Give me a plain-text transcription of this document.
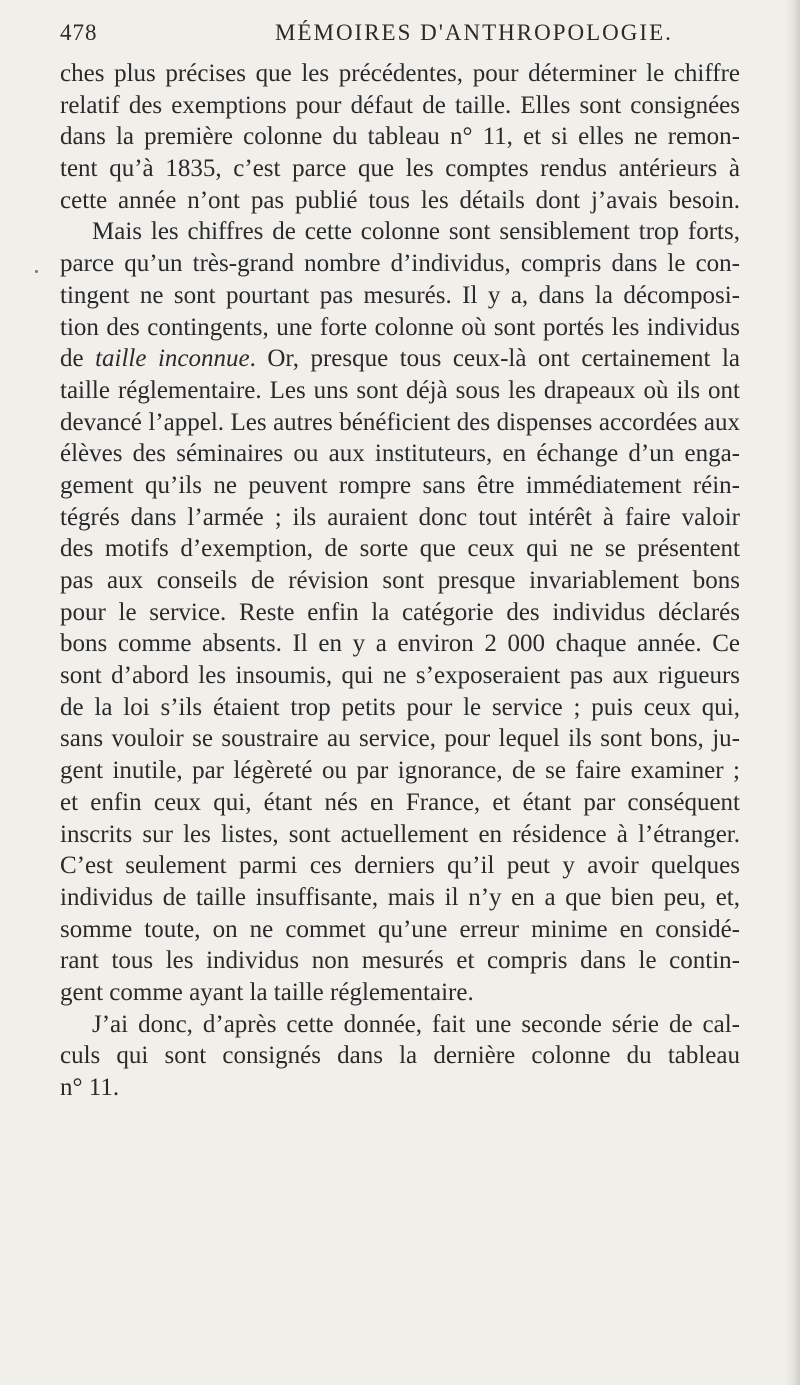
478	MÉMOIRES D'ANTHROPOLOGIE.
ches plus précises que les précédentes, pour déterminer le chiffre
relatif des exemptions pour défaut de taille. Elles sont consignées
dans la première colonne du tableau n° 11, et si elles ne remon-
tent qu’à 1835, c’est parce que les comptes rendus antérieurs à
cette année n’ont pas publié tous les détails dont j’avais besoin.
Mais les chiffres de cette colonne sont sensiblement trop forts,
parce qu’un très-grand nombre d’individus, compris dans le con-
tingent ne sont pourtant pas mesurés. Il y a, dans la décomposi-
tion des contingents, une forte colonne où sont portés les individus
de taille inconnue. Or, presque tous ceux-là ont certainement la
taille réglementaire. Les uns sont déjà sous les drapeaux où ils ont
devancé l’appel. Les autres bénéficient des dispenses accordées aux
élèves des séminaires ou aux instituteurs, en échange d’un enga-
gement qu’ils ne peuvent rompre sans être immédiatement réin-
tégrés dans l’armée ; ils auraient donc tout intérêt à faire valoir
des motifs d’exemption, de sorte que ceux qui ne se présentent
pas aux conseils de révision sont presque invariablement bons
pour le service. Reste enfin la catégorie des individus déclarés
bons comme absents. Il en y a environ 2 000 chaque année. Ce
sont d’abord les insoumis, qui ne s’exposeraient pas aux rigueurs
de la loi s’ils étaient trop petits pour le service ; puis ceux qui,
sans vouloir se soustraire au service, pour lequel ils sont bons, ju-
gent inutile, par légèreté ou par ignorance, de se faire examiner ;
et enfin ceux qui, étant nés en France, et étant par conséquent
inscrits sur les listes, sont actuellement en résidence à l’étranger.
C’est seulement parmi ces derniers qu’il peut y avoir quelques
individus de taille insuffisante, mais il n’y en a que bien peu, et,
somme toute, on ne commet qu’une erreur minime en considé-
rant tous les individus non mesurés et compris dans le contin-
gent comme ayant la taille réglementaire.
J’ai donc, d’après cette donnée, fait une seconde série de cal-
culs qui sont consignés dans la dernière colonne du tableau
n° 11.
